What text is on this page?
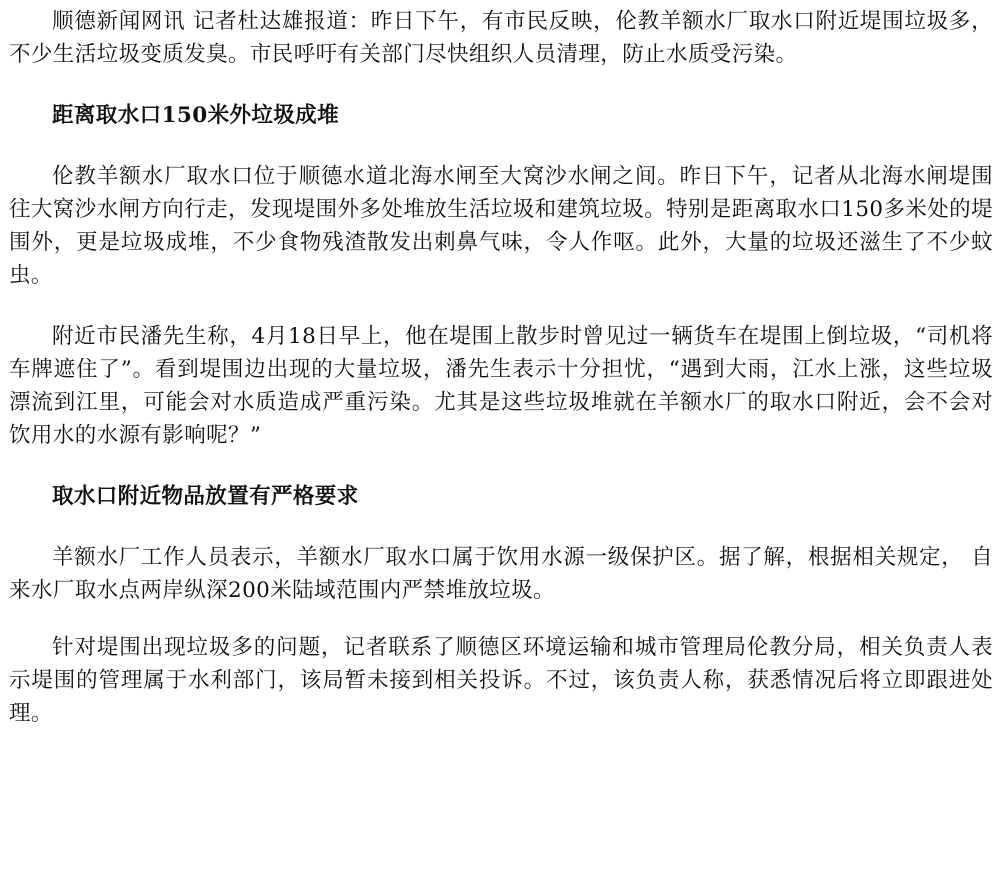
顺德新闻网讯 记者杜达雄报道：昨日下午，有市民反映，伦教羊额水厂取水口附近堤围垃圾多，不少生活垃圾变质发臭。市民呼吁有关部门尽快组织人员清理，防止水质受污染。

距离取水口150米外垃圾成堆

伦教羊额水厂取水口位于顺德水道北海水闸至大窝沙水闸之间。昨日下午，记者从北海水闸堤围往大窝沙水闸方向行走，发现堤围外多处堆放生活垃圾和建筑垃圾。特别是距离取水口150多米处的堤围外，更是垃圾成堆，不少食物残渣散发出刺鼻气味，令人作呕。此外，大量的垃圾还滋生了不少蚊虫。

附近市民潘先生称，4月18日早上，他在堤围上散步时曾见过一辆货车在堤围上倒垃圾，“司机将车牌遮住了”。看到堤围边出现的大量垃圾，潘先生表示十分担忧，“遇到大雨，江水上涨，这些垃圾漂流到江里，可能会对水质造成严重污染。尤其是这些垃圾堆就在羊额水厂的取水口附近，会不会对饮用水的水源有影响呢？”

取水口附近物品放置有严格要求

羊额水厂工作人员表示，羊额水厂取水口属于饮用水源一级保护区。据了解，根据相关规定， 自来水厂取水点两岸纵深200米陆域范围内严禁堆放垃圾。

针对堤围出现垃圾多的问题，记者联系了顺德区环境运输和城市管理局伦教分局，相关负责人表示堤围的管理属于水利部门，该局暂未接到相关投诉。不过，该负责人称，获悉情况后将立即跟进处理。
